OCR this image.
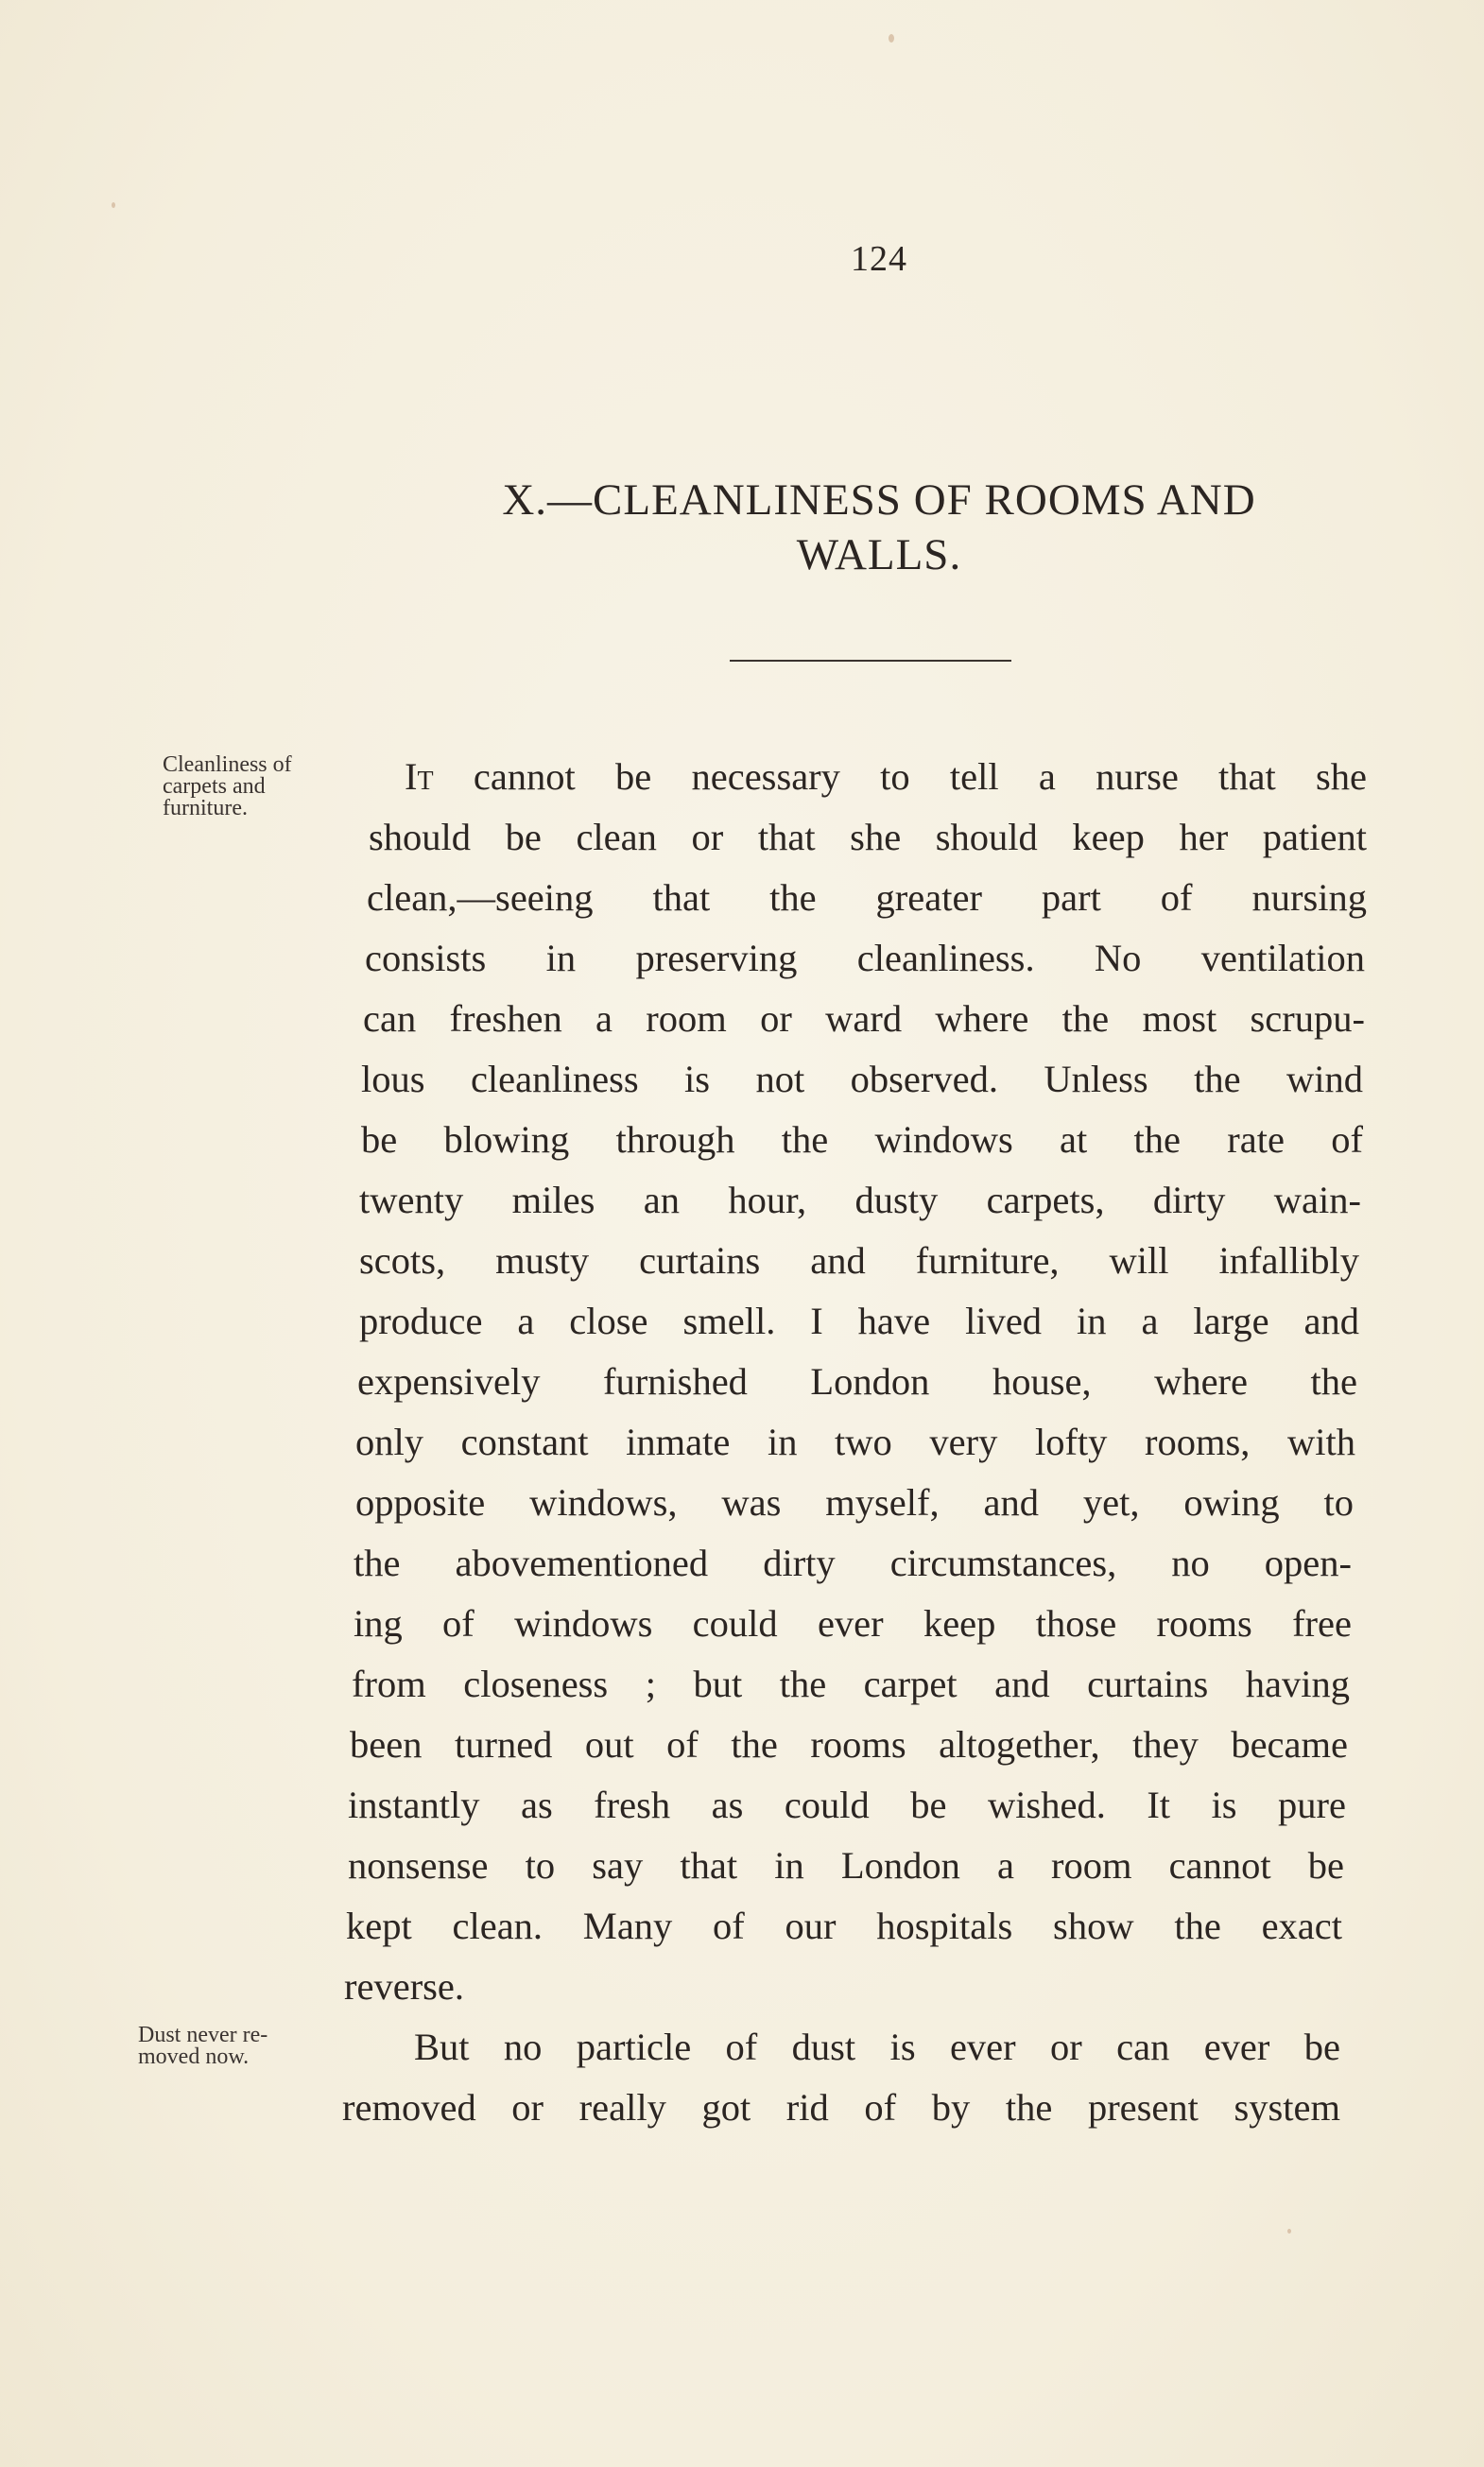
124
X.—CLEANLINESS OF ROOMS AND
WALLS.
Cleanliness of
carpets and
furniture.
Dust never re-
moved now.
It cannot be necessary to tell a nurse that she
should be clean or that she should keep her patient
clean,—seeing that the greater part of nursing
consists in preserving cleanliness. No ventilation
can freshen a room or ward where the most scrupu-
lous cleanliness is not observed. Unless the wind
be blowing through the windows at the rate of
twenty miles an hour, dusty carpets, dirty wain-
scots, musty curtains and furniture, will infallibly
produce a close smell. I have lived in a large and
expensively furnished London house, where the
only constant inmate in two very lofty rooms, with
opposite windows, was myself, and yet, owing to
the abovementioned dirty circumstances, no open-
ing of windows could ever keep those rooms free
from closeness ; but the carpet and curtains having
been turned out of the rooms altogether, they became
instantly as fresh as could be wished. It is pure
nonsense to say that in London a room cannot be
kept clean. Many of our hospitals show the exact
reverse.
But no particle of dust is ever or can ever be
removed or really got rid of by the present system
